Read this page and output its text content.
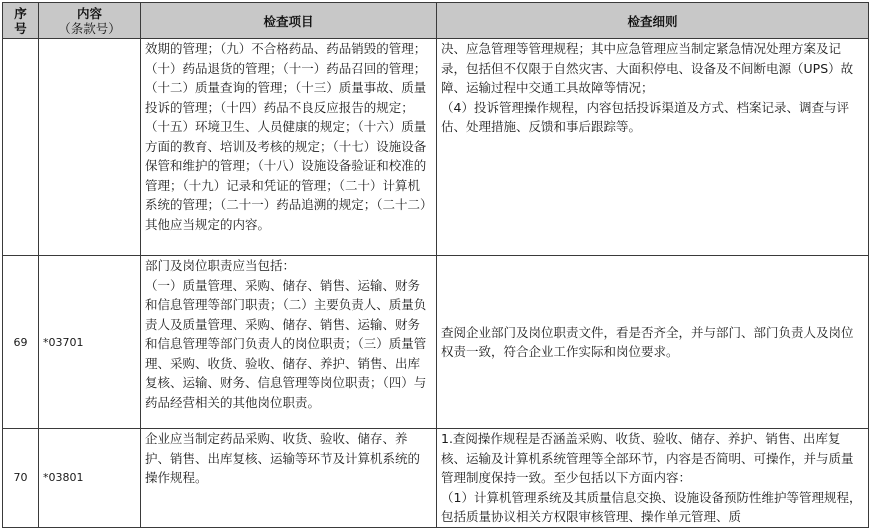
序
号	内容
（条款号）	检查项目	检查细则

		效期的管理；（九）不合格药品、药品销毁的管理；（十）药品退货的管理；（十一）药品召回的管理；（十二）质量查询的管理；（十三）质量事故、质量投诉的管理；（十四）药品不良反应报告的规定；（十五）环境卫生、人员健康的规定；（十六）质量方面的教育、培训及考核的规定；（十七）设施设备保管和维护的管理；（十八）设施设备验证和校准的管理；（十九）记录和凭证的管理；（二十）计算机系统的管理；（二十一）药品追溯的规定；（二十二）其他应当规定的内容。	决、应急管理等管理规程；其中应急管理应当制定紧急情况处理方案及记录，包括但不仅限于自然灾害、大面积停电、设备及不间断电源（UPS）故障、运输过程中交通工具故障等情况；
（4）投诉管理操作规程，内容包括投诉渠道及方式、档案记录、调查与评估、处理措施、反馈和事后跟踪等。

69	*03701	部门及岗位职责应当包括：
（一）质量管理、采购、储存、销售、运输、财务和信息管理等部门职责；（二）主要负责人、质量负责人及质量管理、采购、储存、销售、运输、财务和信息管理等部门负责人的岗位职责；（三）质量管理、采购、收货、验收、储存、养护、销售、出库复核、运输、财务、信息管理等岗位职责；（四）与药品经营相关的其他岗位职责。	查阅企业部门及岗位职责文件，看是否齐全，并与部门、部门负责人及岗位权责一致，符合企业工作实际和岗位要求。

70	*03801	企业应当制定药品采购、收货、验收、储存、养护、销售、出库复核、运输等环节及计算机系统的操作规程。	1.查阅操作规程是否涵盖采购、收货、验收、储存、养护、销售、出库复核、运输及计算机系统管理等全部环节，内容是否简明、可操作，并与质量管理制度保持一致。至少包括以下方面内容：
（1）计算机管理系统及其质量信息交换、设施设备预防性维护等管理规程，包括质量协议相关方权限审核管理、操作单元管理、质
